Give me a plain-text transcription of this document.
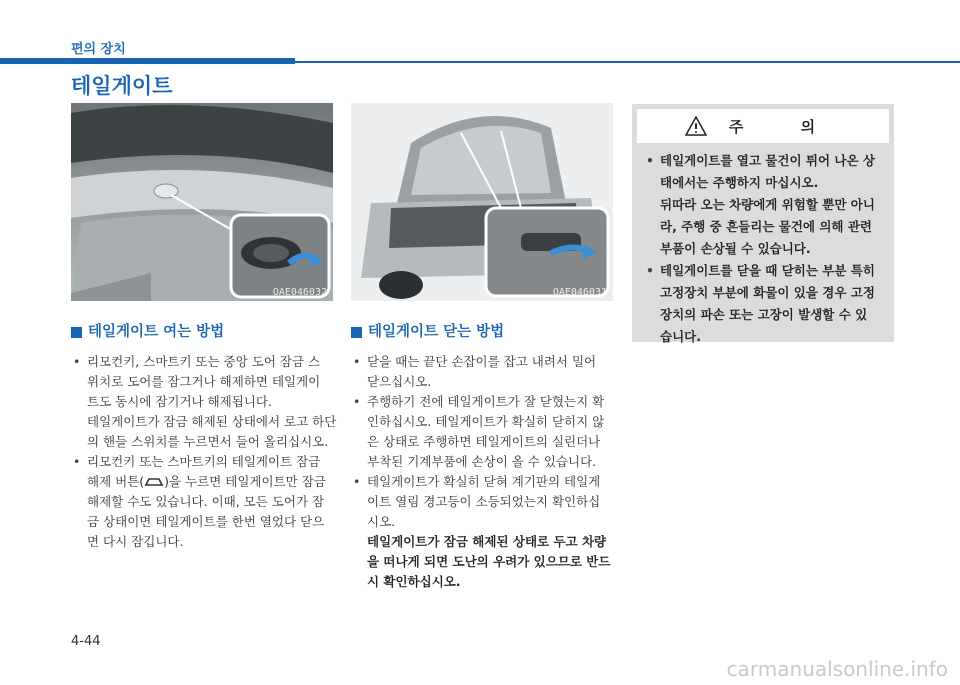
편의 장치
테일게이트
OAE046032	OAE046031
테일게이트 여는 방법
• 리모컨키, 스마트키 또는 중앙 도어 잠금 스
위치로 도어를 잠그거나 해제하면 테일게이
트도 동시에 잠기거나 해제됩니다.
테일게이트가 잠금 해제된 상태에서 로고 하단
의 핸들 스위치를 누르면서 들어 올리십시오.
• 리모컨키 또는 스마트키의 테일게이트 잠금
해제 버튼( )을 누르면 테일게이트만 잠금
해제할 수도 있습니다. 이때, 모든 도어가 잠
금 상태이면 테일게이트를 한번 열었다 닫으
면 다시 잠깁니다.
테일게이트 닫는 방법
• 닫을 때는 끝단 손잡이를 잡고 내려서 밀어
닫으십시오.
• 주행하기 전에 테일게이트가 잘 닫혔는지 확
인하십시오. 테일게이트가 확실히 닫히지 않
은 상태로 주행하면 테일게이트의 실린더나
부착된 기계부품에 손상이 올 수 있습니다.
• 테일게이트가 확실히 닫혀 계기판의 테일게
이트 열림 경고등이 소등되었는지 확인하십
시오.
테일게이트가 잠금 해제된 상태로 두고 차량
을 떠나게 되면 도난의 우려가 있으므로 반드
시 확인하십시오.
주 의
• 테일게이트를 열고 물건이 튀어 나온 상
태에서는 주행하지 마십시오.
뒤따라 오는 차량에게 위험할 뿐만 아니
라, 주행 중 흔들리는 물건에 의해 관련
부품이 손상될 수 있습니다.
• 테일게이트를 닫을 때 닫히는 부분 특히
고정장치 부분에 화물이 있을 경우 고정
장치의 파손 또는 고장이 발생할 수 있
습니다.
4-44
carmanualsonline.info
